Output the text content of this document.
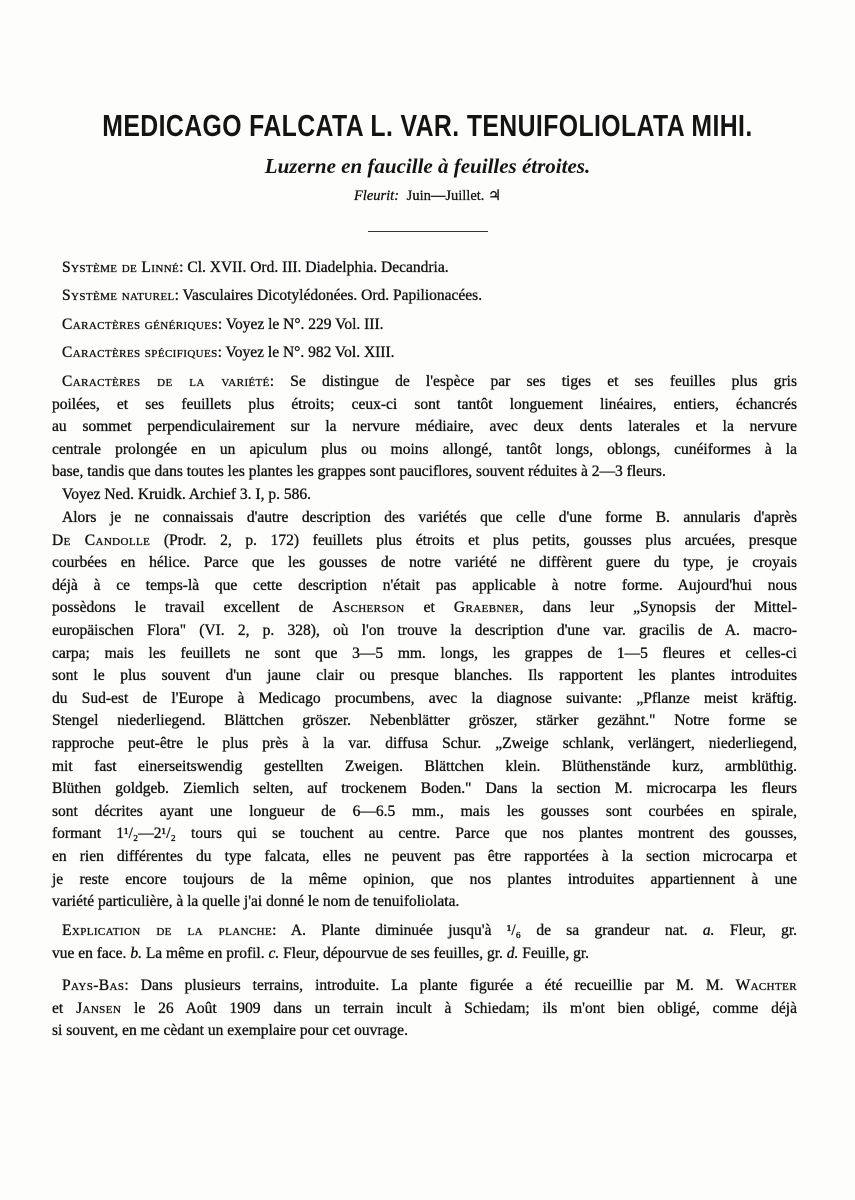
MEDICAGO FALCATA L. VAR. TENUIFOLIOLATA MIHI.
Luzerne en faucille à feuilles étroites.
Fleurit: Juin—Juillet. ♃
Système de Linné: Cl. XVII. Ord. III. Diadelphia. Decandria.
Système naturel: Vasculaires Dicotylédonées. Ord. Papilionacées.
Caractères génériques: Voyez le N°. 229 Vol. III.
Caractères spécifiques: Voyez le N°. 982 Vol. XIII.
Caractères de la variété: Se distingue de l'espèce par ses tiges et ses feuilles plus gris
poilées, et ses feuillets plus étroits; ceux-ci sont tantôt longuement linéaires, entiers, échancrés
au sommet perpendiculairement sur la nervure médiaire, avec deux dents laterales et la nervure
centrale prolongée en un apiculum plus ou moins allongé, tantôt longs, oblongs, cunéiformes à la
base, tandis que dans toutes les plantes les grappes sont pauciflores, souvent réduites à 2—3 fleurs.
Voyez Ned. Kruidk. Archief 3. I, p. 586.
Alors je ne connaissais d'autre description des variétés que celle d'une forme B. annularis d'après
De Candolle (Prodr. 2, p. 172) feuillets plus étroits et plus petits, gousses plus arcuées, presque
courbées en hélice. Parce que les gousses de notre variété ne diffèrent guere du type, je croyais
déjà à ce temps-là que cette description n'était pas applicable à notre forme. Aujourd'hui nous
possèdons le travail excellent de Ascherson et Graebner, dans leur „Synopsis der Mittel-
europäischen Flora" (VI. 2, p. 328), où l'on trouve la description d'une var. gracilis de A. macro-
carpa; mais les feuillets ne sont que 3—5 mm. longs, les grappes de 1—5 fleures et celles-ci
sont le plus souvent d'un jaune clair ou presque blanches. Ils rapportent les plantes introduites
du Sud-est de l'Europe à Medicago procumbens, avec la diagnose suivante: „Pflanze meist kräftig.
Stengel niederliegend. Blättchen gröszer. Nebenblätter gröszer, stärker gezähnt." Notre forme se
rapproche peut-être le plus près à la var. diffusa Schur. „Zweige schlank, verlängert, niederliegend,
mit fast einerseitswendig gestellten Zweigen. Blättchen klein. Blüthenstände kurz, armblüthig.
Blüthen goldgeb. Ziemlich selten, auf trockenem Boden." Dans la section M. microcarpa les fleurs
sont décrites ayant une longueur de 6—6.5 mm., mais les gousses sont courbées en spirale,
formant 1¹/₂—2¹/₂ tours qui se touchent au centre. Parce que nos plantes montrent des gousses,
en rien différentes du type falcata, elles ne peuvent pas être rapportées à la section microcarpa et
je reste encore toujours de la même opinion, que nos plantes introduites appartiennent à une
variété particulière, à la quelle j'ai donné le nom de tenuifoliolata.
Explication de la planche: A. Plante diminuée jusqu'à ¹/₆ de sa grandeur nat. a. Fleur, gr.
vue en face. b. La même en profil. c. Fleur, dépourvue de ses feuilles, gr. d. Feuille, gr.
Pays-Bas: Dans plusieurs terrains, introduite. La plante figurée a été recueillie par M. M. Wachter
et Jansen le 26 Août 1909 dans un terrain incult à Schiedam; ils m'ont bien obligé, comme déjà
si souvent, en me cèdant un exemplaire pour cet ouvrage.
